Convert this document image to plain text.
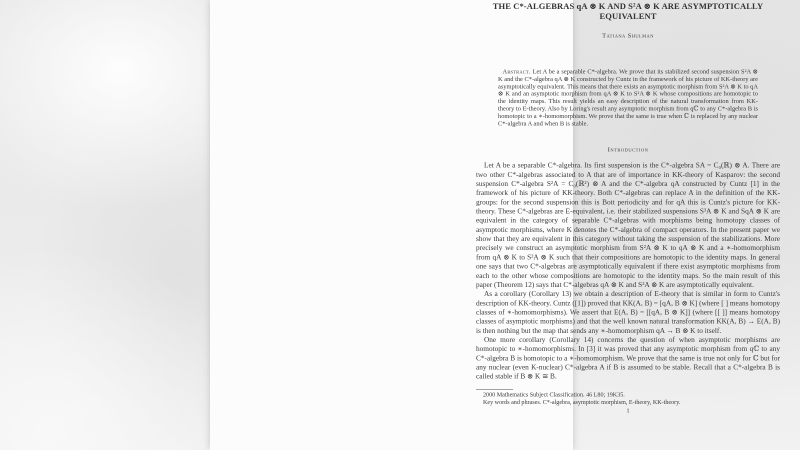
THE C*-ALGEBRAS qA ⊗ K AND S²A ⊗ K ARE ASYMPTOTICALLY EQUIVALENT
Tatiana Shulman

Abstract. Let A be a separable C*-algebra. We prove that its stabilized second suspension S²A ⊗ K and the C*-algebra qA ⊗ K constructed by Cuntz in the framework of his picture of KK-theory are asymptotically equivalent. This means that there exists an asymptotic morphism from S²A ⊗ K to qA ⊗ K and an asymptotic morphism from qA ⊗ K to S²A ⊗ K whose compositions are homotopic to the identity maps. This result yields an easy description of the natural transformation from KK-theory to E-theory. Also by Loring's result any asymptotic morphism from qℂ to any C*-algebra B is homotopic to a ∗-homomorphism. We prove that the same is true when ℂ is replaced by any nuclear C*-algebra A and when B is stable.

Introduction

Let A be a separable C*-algebra. Its first suspension is the C*-algebra SA = C₀(ℝ) ⊗ A. There are two other C*-algebras associated to A that are of importance in KK-theory of Kasparov: the second suspension C*-algebra S²A = C₀(ℝ²) ⊗ A and the C*-algebra qA constructed by Cuntz [1] in the framework of his picture of KK-theory. Both C*-algebras can replace A in the definition of the KK-groups: for the second suspension this is Bott periodicity and for qA this is Cuntz's picture for KK-theory. These C*-algebras are E-equivalent, i.e. their stabilized suspensions S³A ⊗ K and SqA ⊗ K are equivalent in the category of separable C*-algebras with morphisms being homotopy classes of asymptotic morphisms, where K denotes the C*-algebra of compact operators. In the present paper we show that they are equivalent in this category without taking the suspension of the stabilizations. More precisely we construct an asymptotic morphism from S²A ⊗ K to qA ⊗ K and a ∗-homomorphism from qA ⊗ K to S²A ⊗ K such that their compositions are homotopic to the identity maps. In general one says that two C*-algebras are asymptotically equivalent if there exist asymptotic morphisms from each to the other whose compositions are homotopic to the identity maps. So the main result of this paper (Theorem 12) says that C*-algebras qA ⊗ K and S²A ⊗ K are asymptotically equivalent.

As a corollary (Corollary 13) we obtain a description of E-theory that is similar in form to Cuntz's description of KK-theory. Cuntz ([1]) proved that KK(A, B) = [qA, B ⊗ K] (where [ ] means homotopy classes of ∗-homomorphisms). We assert that E(A, B) = [[qA, B ⊗ K]] (where [[ ]] means homotopy classes of asymptotic morphisms) and that the well known natural transformation KK(A, B) → E(A, B) is then nothing but the map that sends any ∗-homomorphism qA → B ⊗ K to itself.

One more corollary (Corollary 14) concerns the question of when asymptotic morphisms are homotopic to ∗-homomorphisms. In [3] it was proved that any asymptotic morphism from qℂ to any C*-algebra B is homotopic to a ∗-homomorphism. We prove that the same is true not only for ℂ but for any nuclear (even K-nuclear) C*-algebra A if B is assumed to be stable. Recall that a C*-algebra B is called stable if B ⊗ K ≅ B.

2000 Mathematics Subject Classification. 46 L80; 19K35.

Key words and phrases. C*-algebra, asymptotic morphism, E-theory, KK-theory.

1
